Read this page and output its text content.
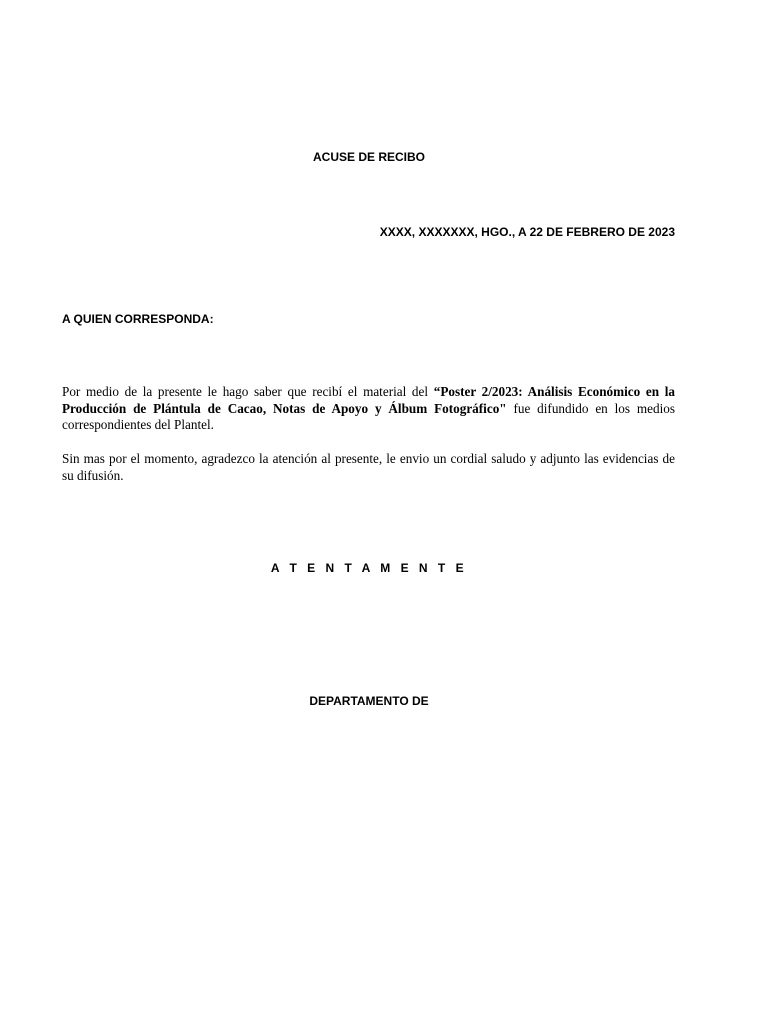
ACUSE DE RECIBO
XXXX, XXXXXXX, HGO., A 22 DE FEBRERO DE 2023
A QUIEN CORRESPONDA:

Por medio de la presente le hago saber que recibí el material del “Poster 2/2023: Análisis Económico en la Producción de Plántula de Cacao, Notas de Apoyo y Álbum Fotográfico" fue difundido en los medios correspondientes del Plantel.

Sin mas por el momento, agradezco la atención al presente, le envio un cordial saludo y adjunto las evidencias de su difusión.

A T E N T A M E N T E
DEPARTAMENTO DE
